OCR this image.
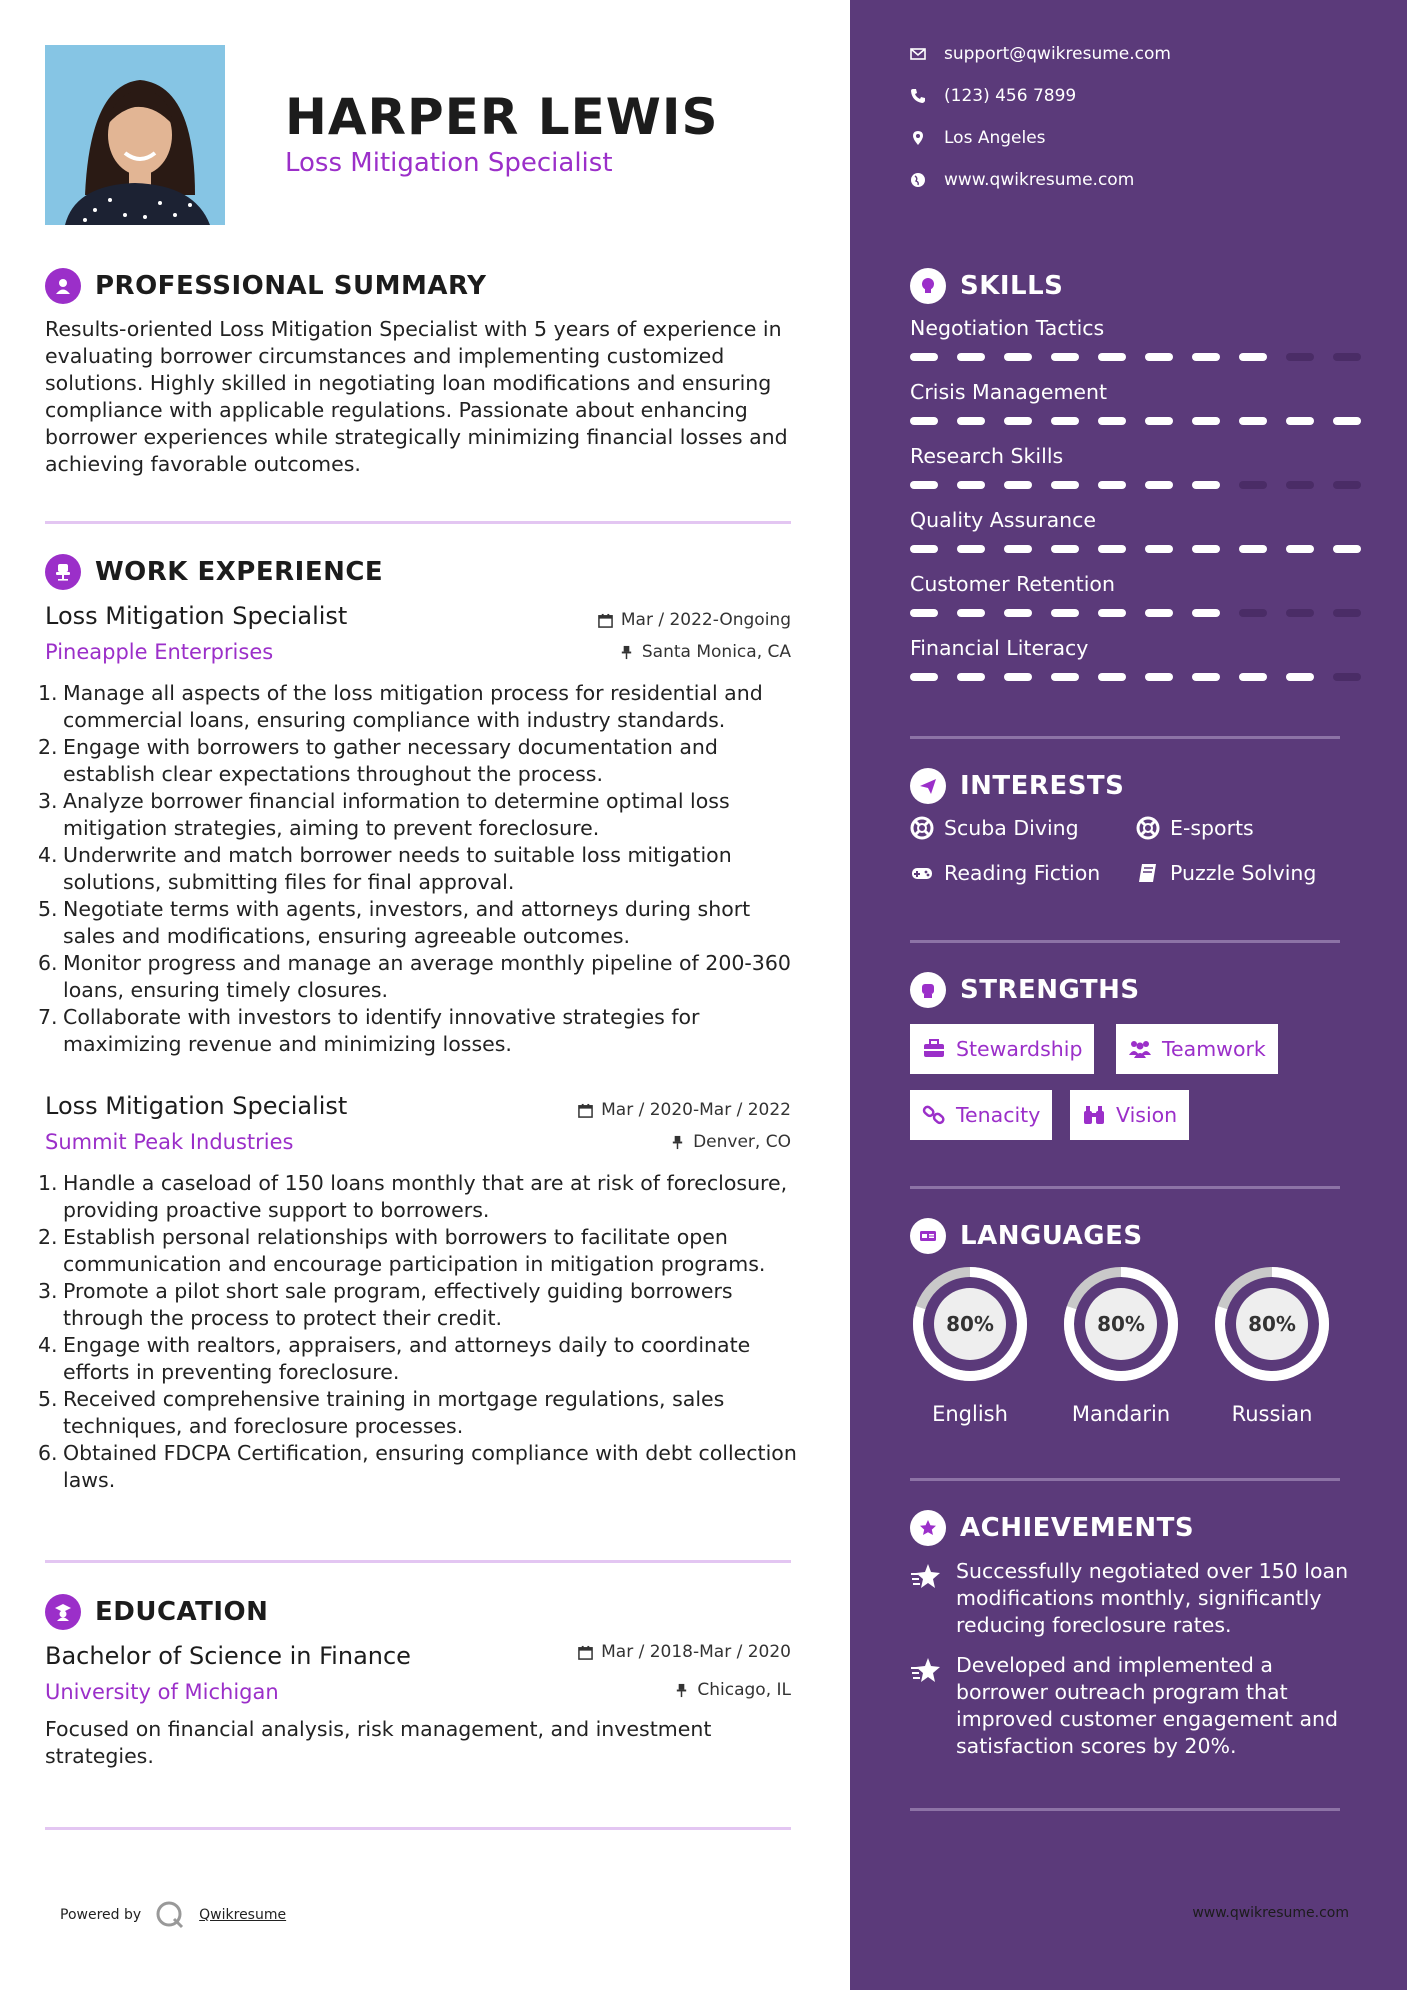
HARPER LEWIS
Loss Mitigation Specialist
PROFESSIONAL SUMMARY
Results-oriented Loss Mitigation Specialist with 5 years of experience in evaluating borrower circumstances and implementing customized solutions. Highly skilled in negotiating loan modifications and ensuring compliance with applicable regulations. Passionate about enhancing borrower experiences while strategically minimizing financial losses and achieving favorable outcomes.
WORK EXPERIENCE
Loss Mitigation Specialist	Mar / 2022-Ongoing
Pineapple Enterprises	Santa Monica, CA
1. Manage all aspects of the loss mitigation process for residential and commercial loans, ensuring compliance with industry standards.
2. Engage with borrowers to gather necessary documentation and establish clear expectations throughout the process.
3. Analyze borrower financial information to determine optimal loss mitigation strategies, aiming to prevent foreclosure.
4. Underwrite and match borrower needs to suitable loss mitigation solutions, submitting files for final approval.
5. Negotiate terms with agents, investors, and attorneys during short sales and modifications, ensuring agreeable outcomes.
6. Monitor progress and manage an average monthly pipeline of 200-360 loans, ensuring timely closures.
7. Collaborate with investors to identify innovative strategies for maximizing revenue and minimizing losses.
Loss Mitigation Specialist	Mar / 2020-Mar / 2022
Summit Peak Industries	Denver, CO
1. Handle a caseload of 150 loans monthly that are at risk of foreclosure, providing proactive support to borrowers.
2. Establish personal relationships with borrowers to facilitate open communication and encourage participation in mitigation programs.
3. Promote a pilot short sale program, effectively guiding borrowers through the process to protect their credit.
4. Engage with realtors, appraisers, and attorneys daily to coordinate efforts in preventing foreclosure.
5. Received comprehensive training in mortgage regulations, sales techniques, and foreclosure processes.
6. Obtained FDCPA Certification, ensuring compliance with debt collection laws.
EDUCATION
Bachelor of Science in Finance	Mar / 2018-Mar / 2020
University of Michigan	Chicago, IL
Focused on financial analysis, risk management, and investment strategies.
Powered by	Qwikresume
support@qwikresume.com
(123) 456 7899
Los Angeles
www.qwikresume.com
SKILLS
Negotiation Tactics
Crisis Management
Research Skills
Quality Assurance
Customer Retention
Financial Literacy
INTERESTS
Scuba Diving	E-sports
Reading Fiction	Puzzle Solving
STRENGTHS
Stewardship	Teamwork
Tenacity	Vision
LANGUAGES
80%
English
80%
Mandarin
80%
Russian
ACHIEVEMENTS
Successfully negotiated over 150 loan modifications monthly, significantly reducing foreclosure rates.
Developed and implemented a borrower outreach program that improved customer engagement and satisfaction scores by 20%.
www.qwikresume.com
